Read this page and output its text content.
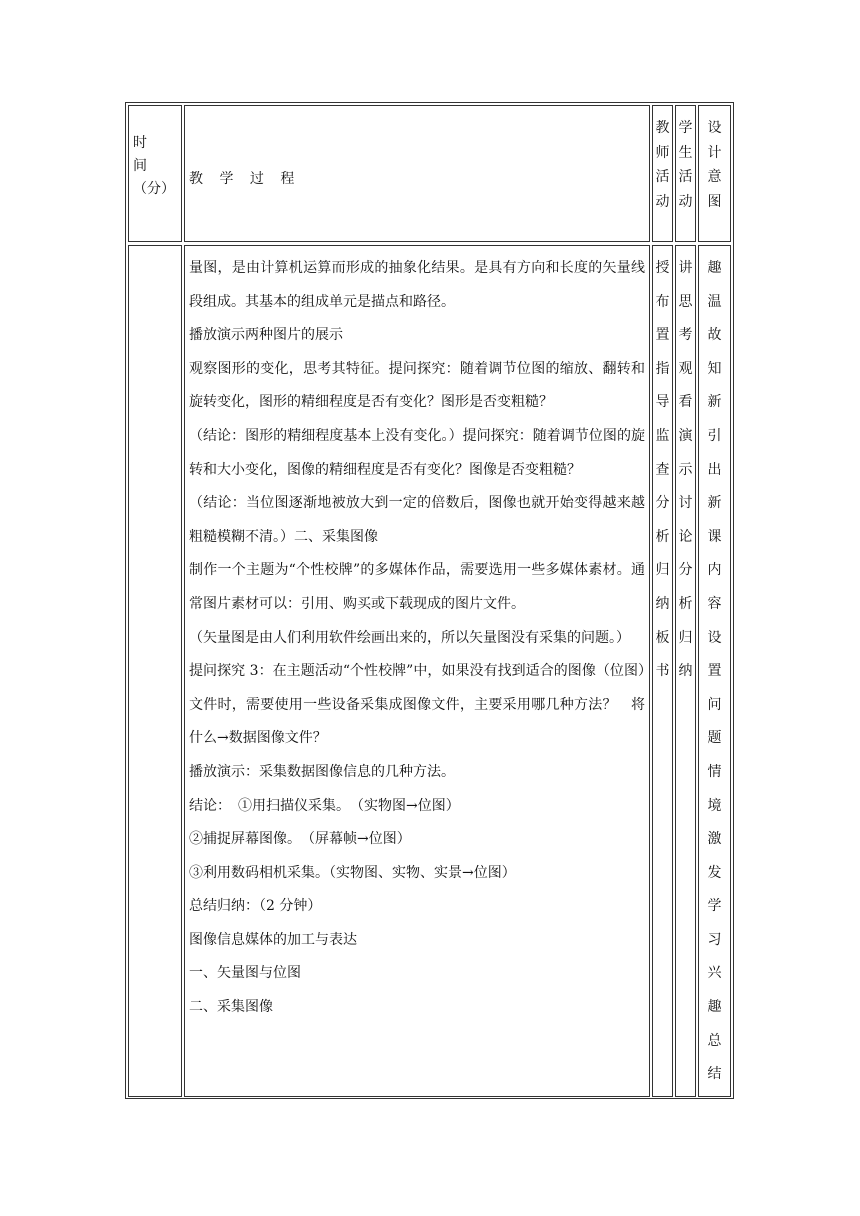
时
间
（分）
教 学 过 程
教
师
活
动
学
生
活
动
设
计
意
图

量图，是由计算机运算而形成的抽象化结果。是具有方向和长度的矢量线段组成。其基本的组成单元是描点和路径。

播放演示两种图片的展示

观察图形的变化，思考其特征。提问探究：随着调节位图的缩放、翻转和旋转变化，图形的精细程度是否有变化？图形是否变粗糙？

（结论：图形的精细程度基本上没有变化。）提问探究：随着调节位图的旋转和大小变化，图像的精细程度是否有变化？图像是否变粗糙？

（结论：当位图逐渐地被放大到一定的倍数后，图像也就开始变得越来越粗糙模糊不清。）二、采集图像

制作一个主题为“个性校牌”的多媒体作品，需要选用一些多媒体素材。通常图片素材可以：引用、购买或下载现成的图片文件。

（矢量图是由人们利用软件绘画出来的，所以矢量图没有采集的问题。）

提问探究 3：在主题活动“个性校牌”中，如果没有找到适合的图像（位图）文件时，需要使用一些设备采集成图像文件，主要采用哪几种方法？　将什么→数据图像文件？

播放演示：采集数据图像信息的几种方法。

结论：　①用扫描仪采集。　（实物图→位图）

②捕捉屏幕图像。　（屏幕帧→位图）

③利用数码相机采集。（实物图、实物、实景→位图）

总结归纳：（2 分钟）

图像信息媒体的加工与表达

一、矢量图与位图

二、采集图像

授
布
置
指
导
监
查
分
析
归
纳
板
书
讲
思
考
观
看
演
示
讨
论
分
析
归
纳
趣
温
故
知
新
引
出
新
课
内
容
设
置
问
题
情
境
激
发
学
习
兴
趣
总
结
